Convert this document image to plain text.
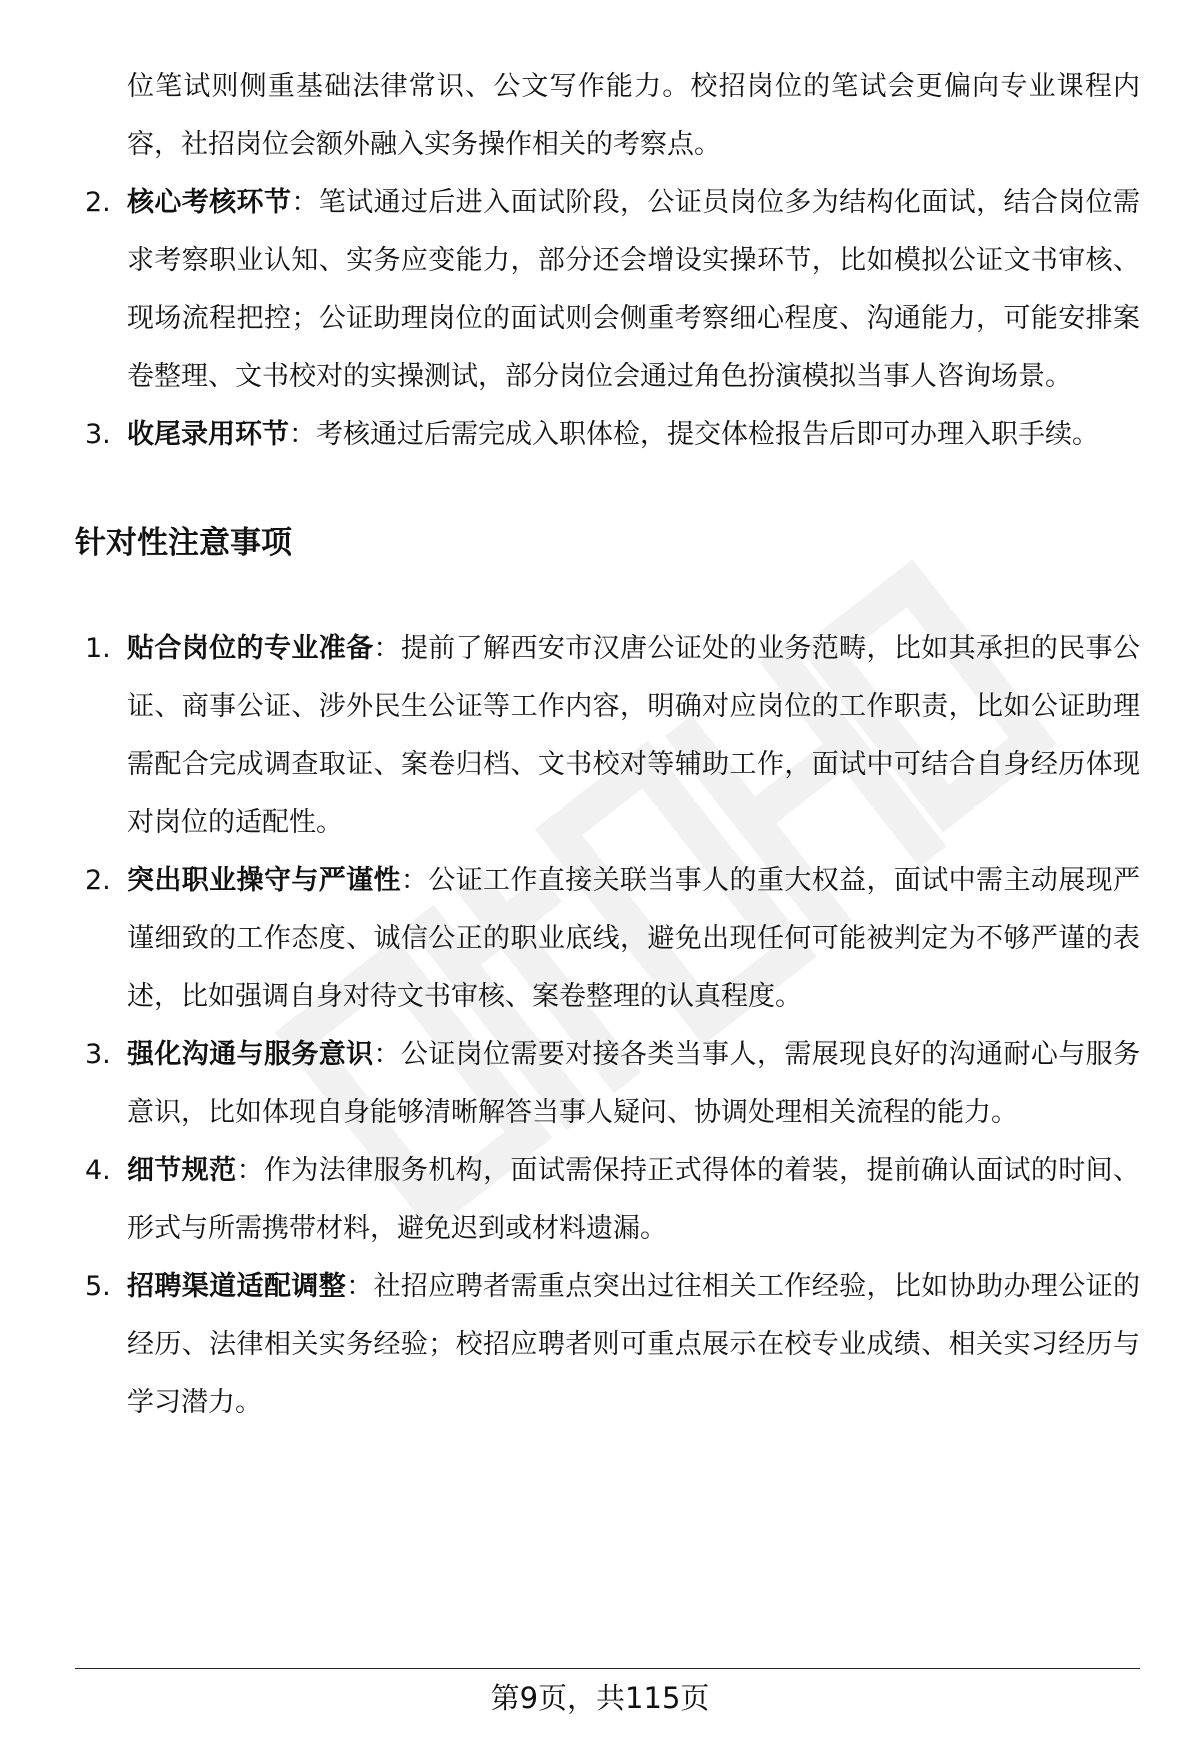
位笔试则侧重基础法律常识、公文写作能力。校招岗位的笔试会更偏向专业课程内容，社招岗位会额外融入实务操作相关的考察点。

2. 核心考核环节：笔试通过后进入面试阶段，公证员岗位多为结构化面试，结合岗位需求考察职业认知、实务应变能力，部分还会增设实操环节，比如模拟公证文书审核、现场流程把控；公证助理岗位的面试则会侧重考察细心程度、沟通能力，可能安排案卷整理、文书校对的实操测试，部分岗位会通过角色扮演模拟当事人咨询场景。
3. 收尾录用环节：考核通过后需完成入职体检，提交体检报告后即可办理入职手续。
针对性注意事项
1. 贴合岗位的专业准备：提前了解西安市汉唐公证处的业务范畴，比如其承担的民事公证、商事公证、涉外民生公证等工作内容，明确对应岗位的工作职责，比如公证助理需配合完成调查取证、案卷归档、文书校对等辅助工作，面试中可结合自身经历体现对岗位的适配性。
2. 突出职业操守与严谨性：公证工作直接关联当事人的重大权益，面试中需主动展现严谨细致的工作态度、诚信公正的职业底线，避免出现任何可能被判定为不够严谨的表述，比如强调自身对待文书审核、案卷整理的认真程度。
3. 强化沟通与服务意识：公证岗位需要对接各类当事人，需展现良好的沟通耐心与服务意识，比如体现自身能够清晰解答当事人疑问、协调处理相关流程的能力。
4. 细节规范：作为法律服务机构，面试需保持正式得体的着装，提前确认面试的时间、形式与所需携带材料，避免迟到或材料遗漏。
5. 招聘渠道适配调整：社招应聘者需重点突出过往相关工作经验，比如协助办理公证的经历、法律相关实务经验；校招应聘者则可重点展示在校专业成绩、相关实习经历与学习潜力。
第9页，共115页
